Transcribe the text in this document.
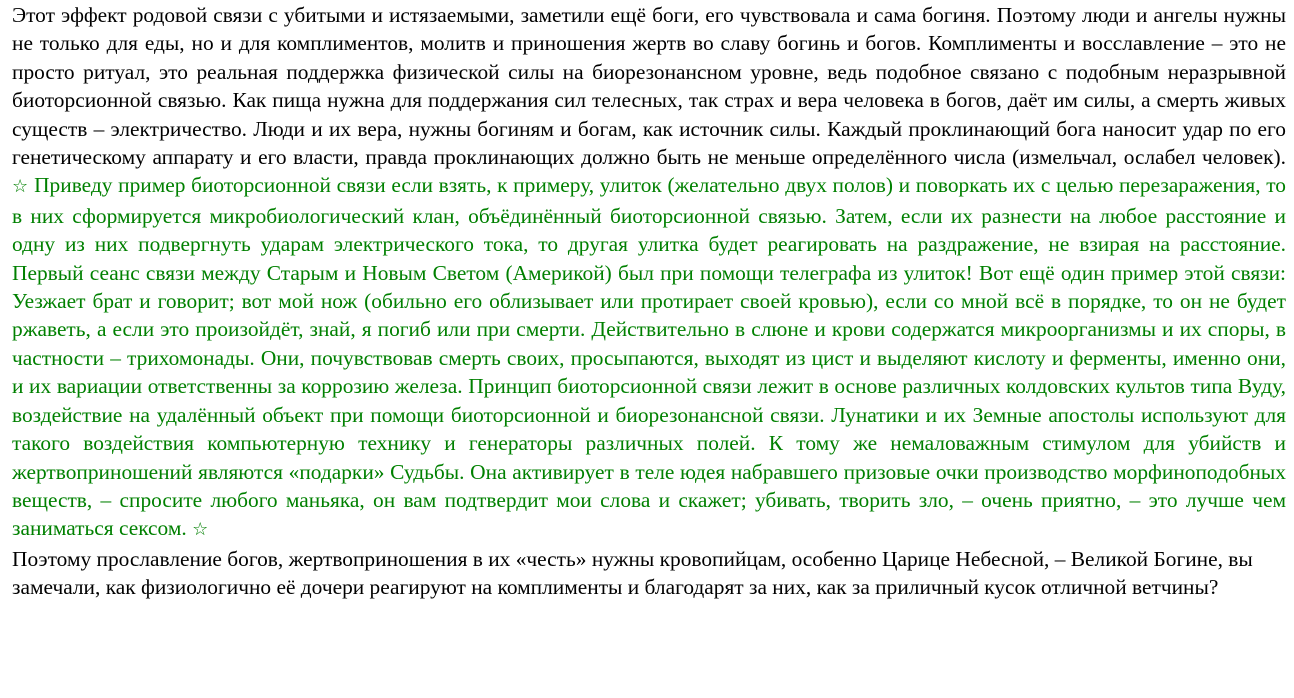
Этот эффект родовой связи с убитыми и истязаемыми, заметили ещё боги, его чувствовала и сама богиня. Поэтому люди и ангелы нужны не только для еды, но и для комплиментов, молитв и приношения жертв во славу богинь и богов. Комплименты и восславление – это не просто ритуал, это реальная поддержка физической силы на биорезонансном уровне, ведь подобное связано с подобным неразрывной биоторсионной связью. Как пища нужна для поддержания сил телесных, так страх и вера человека в богов, даёт им силы, а смерть живых существ – электричество. Люди и их вера, нужны богиням и богам, как источник силы. Каждый проклинающий бога наносит удар по его генетическому аппарату и его власти, правда проклинающих должно быть не меньше определённого числа (измельчал, ослабел человек). ☆ Приведу пример биоторсионной связи если взять, к примеру, улиток (желательно двух полов) и поворкать их с целью перезаражения, то в них сформируется микробиологический клан, объёдинённый биоторсионной связью. Затем, если их разнести на любое расстояние и одну из них подвергнуть ударам электрического тока, то другая улитка будет реагировать на раздражение, не взирая на расстояние. Первый сеанс связи между Старым и Новым Светом (Америкой) был при помощи телеграфа из улиток! Вот ещё один пример этой связи: Уезжает брат и говорит; вот мой нож (обильно его облизывает или протирает своей кровью), если со мной всё в порядке, то он не будет ржаветь, а если это произойдёт, знай, я погиб или при смерти. Действительно в слюне и крови содержатся микроорганизмы и их споры, в частности – трихомонады. Они, почувствовав смерть своих, просыпаются, выходят из цист и выделяют кислоту и ферменты, именно они, и их вариации ответственны за коррозию железа. Принцип биоторсионной связи лежит в основе различных колдовских культов типа Вуду, воздействие на удалённый объект при помощи биоторсионной и биорезонансной связи. Лунатики и их Земные апостолы используют для такого воздействия компьютерную технику и генераторы различных полей. К тому же немаловажным стимулом для убийств и жертвоприношений являются «подарки» Судьбы. Она активирует в теле юдея набравшего призовые очки производство морфиноподобных веществ, – спросите любого маньяка, он вам подтвердит мои слова и скажет; убивать, творить зло, – очень приятно, – это лучше чем заниматься сексом. ☆

Поэтому прославление богов, жертвоприношения в их «честь» нужны кровопийцам, особенно Царице Небесной, – Великой Богине, вы замечали, как физиологично её дочери реагируют на комплименты и благодарят за них, как за приличный кусок отличной ветчины?
